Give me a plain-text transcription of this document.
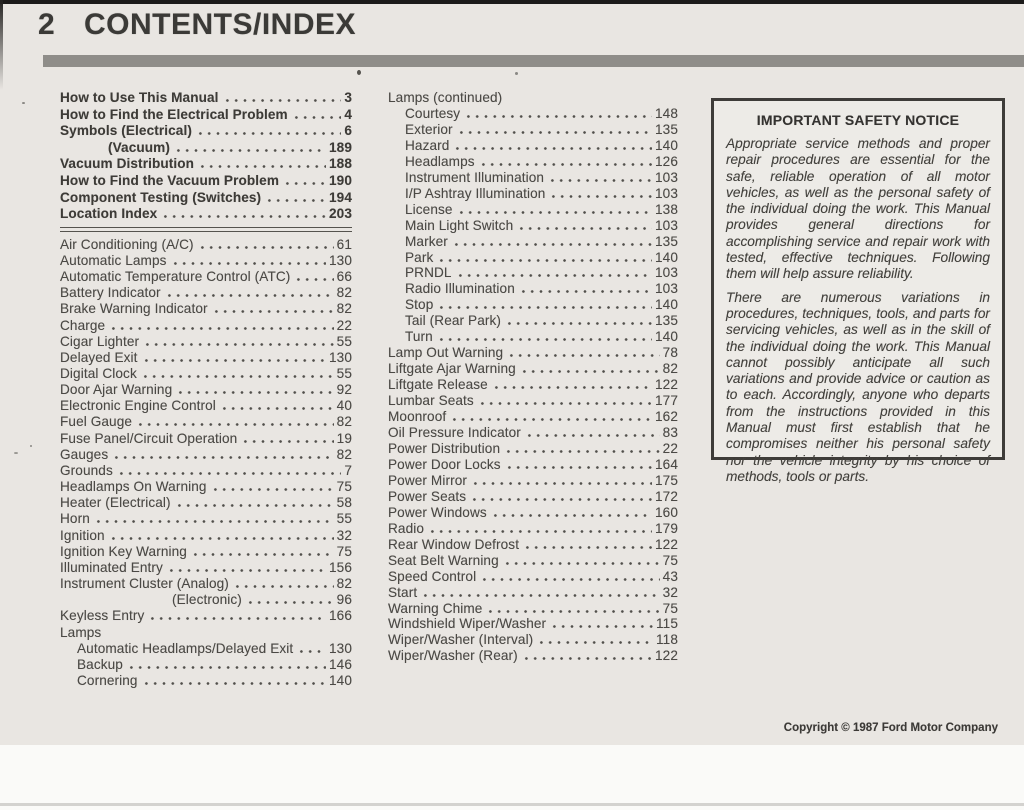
2 CONTENTS/INDEX
How to Use This Manual	3
How to Find the Electrical Problem	4
Symbols (Electrical)	6
(Vacuum)	189
Vacuum Distribution	188
How to Find the Vacuum Problem	190
Component Testing (Switches)	194
Location Index	203
Air Conditioning (A/C)	61
Automatic Lamps	130
Automatic Temperature Control (ATC)	66
Battery Indicator	82
Brake Warning Indicator	82
Charge	22
Cigar Lighter	55
Delayed Exit	130
Digital Clock	55
Door Ajar Warning	92
Electronic Engine Control	40
Fuel Gauge	82
Fuse Panel/Circuit Operation	19
Gauges	82
Grounds	7
Headlamps On Warning	75
Heater (Electrical)	58
Horn	55
Ignition	32
Ignition Key Warning	75
Illuminated Entry	156
Instrument Cluster (Analog)	82
(Electronic)	96
Keyless Entry	166
Lamps
Automatic Headlamps/Delayed Exit	130
Backup	146
Cornering	140
Lamps (continued)
Courtesy	148
Exterior	135
Hazard	140
Headlamps	126
Instrument Illumination	103
I/P Ashtray Illumination	103
License	138
Main Light Switch	103
Marker	135
Park	140
PRNDL	103
Radio Illumination	103
Stop	140
Tail (Rear Park)	135
Turn	140
Lamp Out Warning	78
Liftgate Ajar Warning	82
Liftgate Release	122
Lumbar Seats	177
Moonroof	162
Oil Pressure Indicator	83
Power Distribution	22
Power Door Locks	164
Power Mirror	175
Power Seats	172
Power Windows	160
Radio	179
Rear Window Defrost	122
Seat Belt Warning	75
Speed Control	43
Start	32
Warning Chime	75
Windshield Wiper/Washer	115
Wiper/Washer (Interval)	118
Wiper/Washer (Rear)	122
IMPORTANT SAFETY NOTICE

Appropriate service methods and proper repair procedures are essential for the safe, reliable operation of all motor vehicles, as well as the personal safety of the individual doing the work. This Manual provides general directions for accomplishing service and repair work with tested, effective techniques. Following them will help assure reliability.

There are numerous variations in procedures, techniques, tools, and parts for servicing vehicles, as well as in the skill of the individual doing the work. This Manual cannot possibly anticipate all such variations and provide advice or caution as to each. Accordingly, anyone who departs from the instructions provided in this Manual must first establish that he compromises neither his personal safety nor the vehicle integrity by his choice of methods, tools or parts.

Copyright © 1987 Ford Motor Company
